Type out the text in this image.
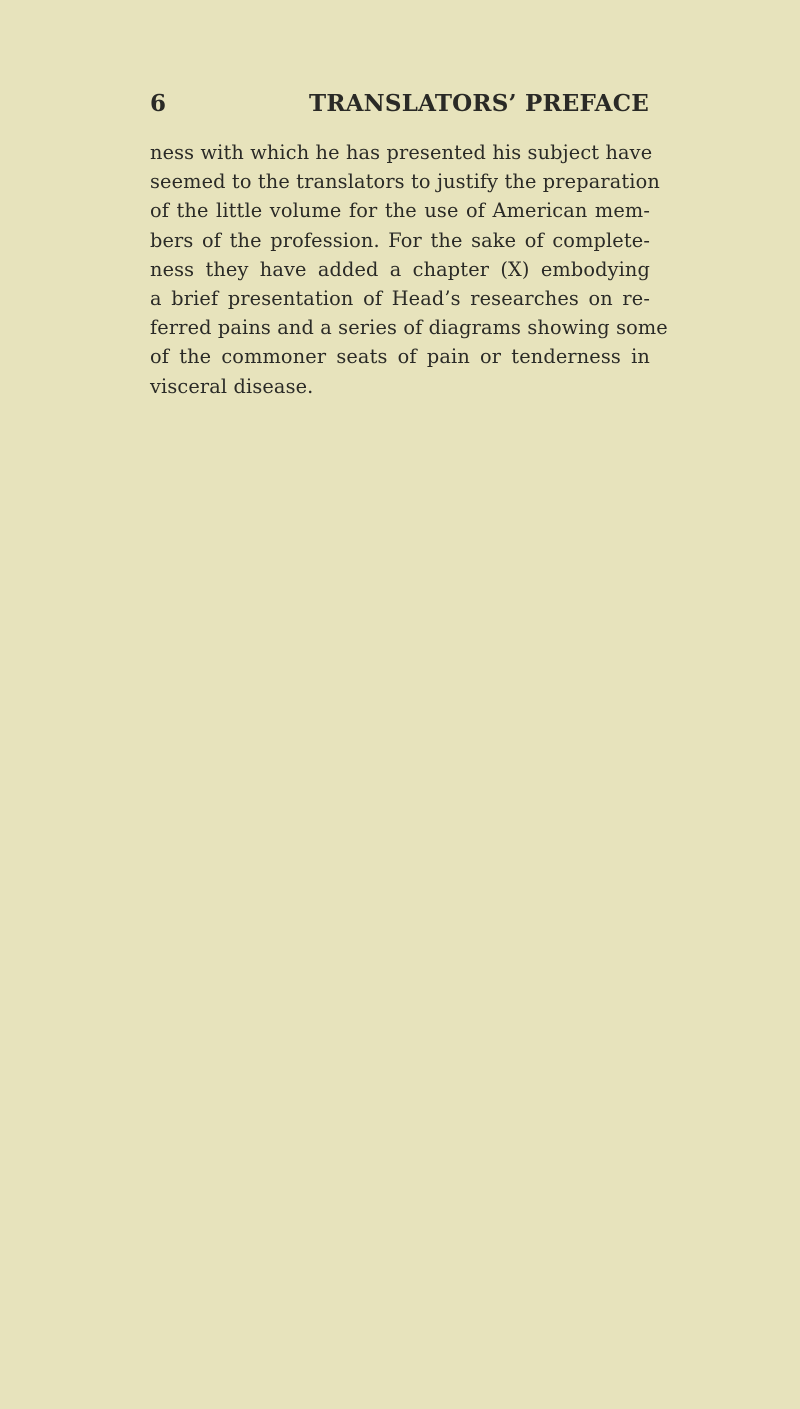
6	TRANSLATORS’ PREFACE
ness with which he has presented his subject have
seemed to the translators to justify the preparation
of the little volume for the use of American mem-
bers of the profession. For the sake of complete-
ness they have added a chapter (X) embodying
a brief presentation of Head’s researches on re-
ferred pains and a series of diagrams showing some
of the commoner seats of pain or tenderness in
visceral disease.
